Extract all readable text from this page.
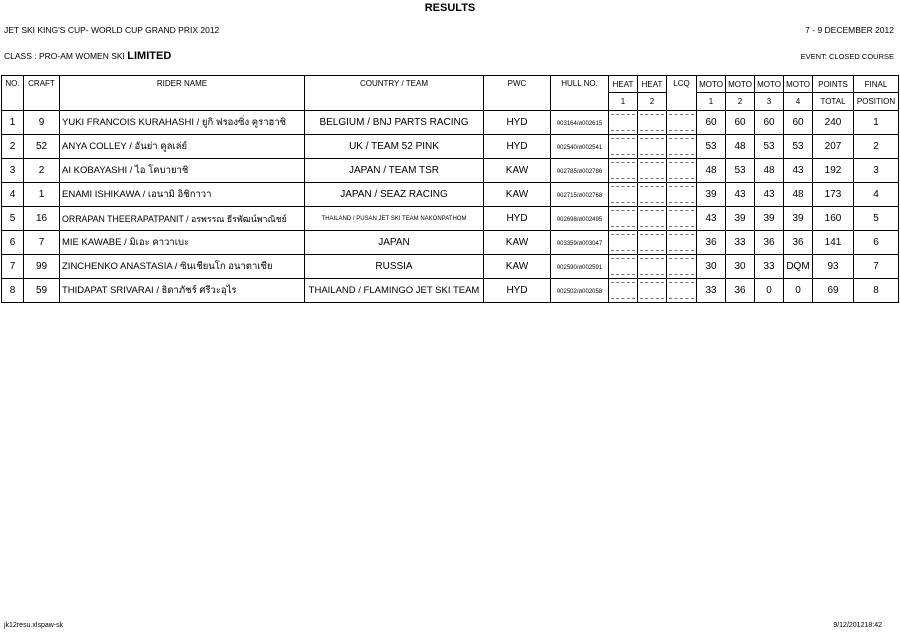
RESULTS
JET SKI KING'S CUP- WORLD CUP GRAND PRIX 2012	7 - 9 DECEMBER 2012
CLASS : PRO-AM WOMEN SKI LIMITED	EVENT: CLOSED COURSE
NO.	CRAFT	RIDER NAME	COUNTRY / TEAM	PWC	HULL NO.	HEAT	HEAT	LCQ	MOTO	MOTO	MOTO	MOTO	POINTS	FINAL
						1	2		1	2	3	4	TOTAL	POSITION
1	9	YUKI FRANCOIS KURAHASHI / ยูกิ ฟรองซิ่ง คูราฮาชิ	BELGIUM / BNJ PARTS RACING	HYD	003164/ส002615				60	60	60	60	240	1
2	52	ANYA COLLEY / อันย่า คูลเล่ย์	UK / TEAM 52 PINK	HYD	002540/ส002541				53	48	53	53	207	2
3	2	AI KOBAYASHI / ไอ โคบายาชิ	JAPAN / TEAM TSR	KAW	002785/ส002786				48	53	48	43	192	3
4	1	ENAMI ISHIKAWA / เอนามิ อิชิกาวา	JAPAN / SEAZ RACING	KAW	002715/ส002768				39	43	43	48	173	4
5	16	ORRAPAN THEERAPATPANIT / อรพรรณ ธีรพัฒน์พาณิชย์	THAILAND / PUSAN JET SKI TEAM NAKONPATHOM	HYD	002698/ส002495				43	39	39	39	160	5
6	7	MIE KAWABE / มิเอะ คาวาเบะ	JAPAN	KAW	003359/ส003047				36	33	36	36	141	6
7	99	ZINCHENKO ANASTASIA / ซินเชียนโก อนาตาเซีย	RUSSIA	KAW	002590/ส002591				30	30	33	DQM	93	7
8	59	THIDAPAT SRIVARAI / ธิดาภัชร์ ศรีวะอุไร	THAILAND / FLAMINGO JET SKI TEAM	HYD	002502/ส002058				33	36	0	0	69	8
jk12resu.xlspaw-sk	9/12/201218:42
